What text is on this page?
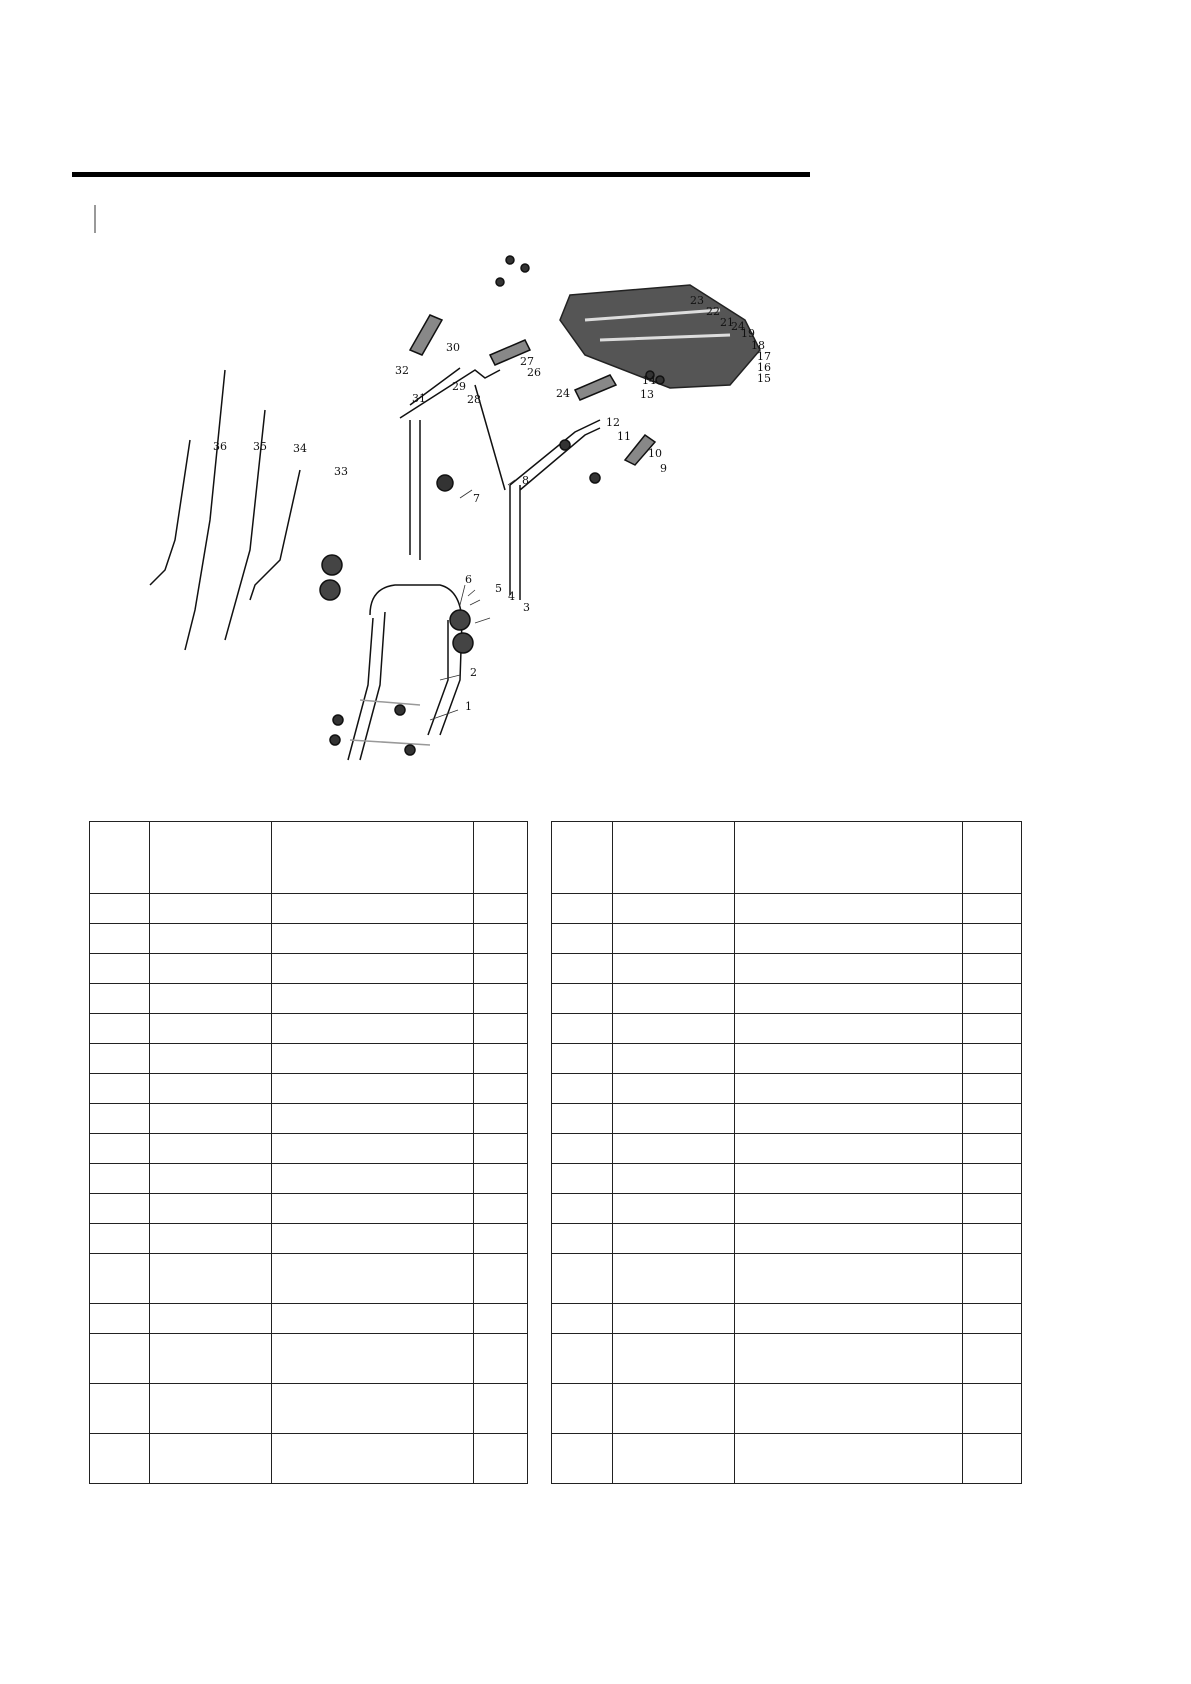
1
2
3
4
5
6
7
8
9
10
11
12
13
14	15
16
17
18
19
21
22
23
24
24
26
27
28
29
30
31
32
33
34
35
36
